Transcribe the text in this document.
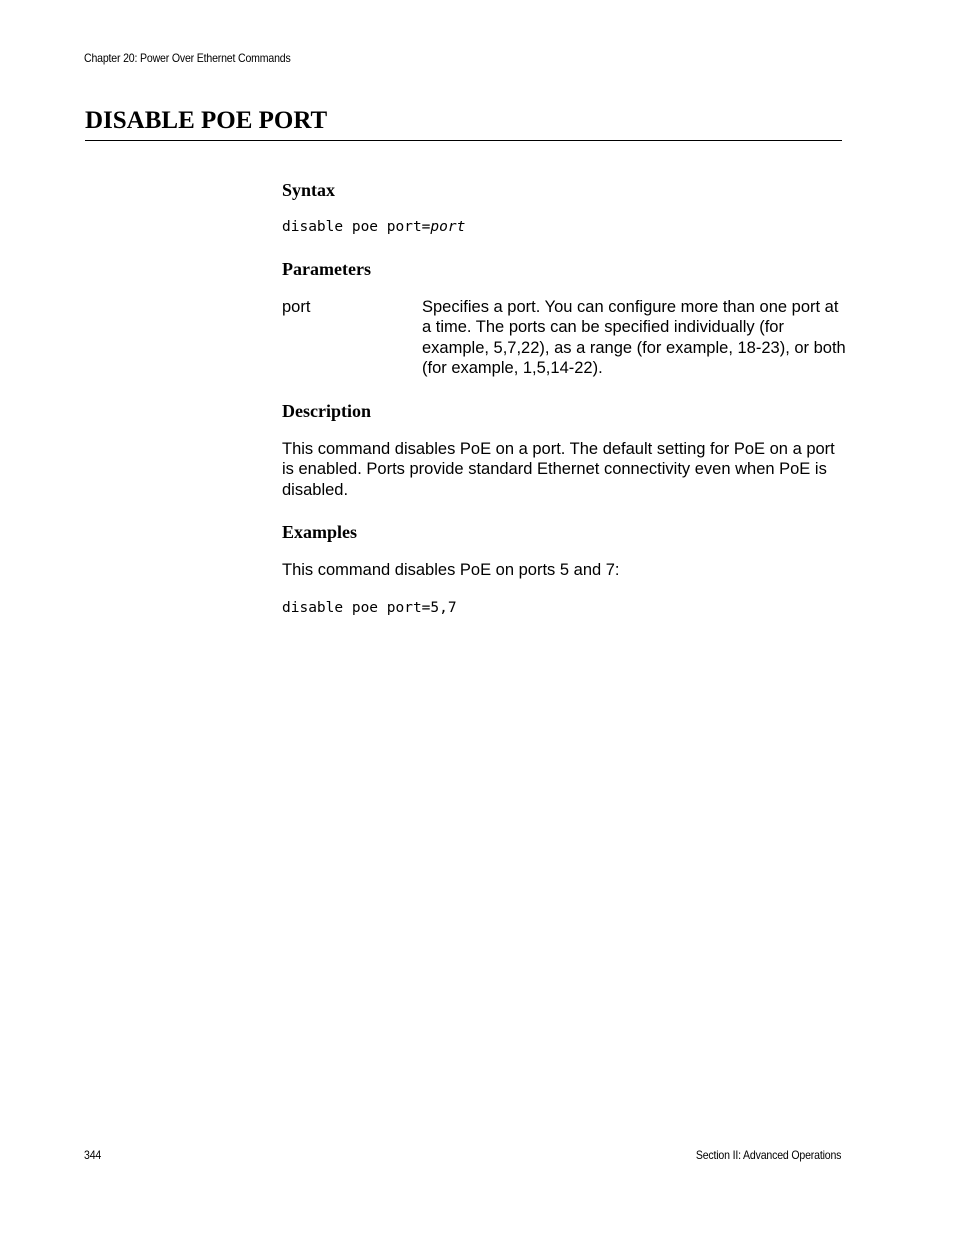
Chapter 20: Power Over Ethernet Commands
DISABLE POE PORT
Syntax
disable poe port=port
Parameters
port	Specifies a port. You can configure more than one port at a time. The ports can be specified individually (for example, 5,7,22), as a range (for example, 18-23), or both (for example, 1,5,14-22).
Description
This command disables PoE on a port. The default setting for PoE on a port is enabled. Ports provide standard Ethernet connectivity even when PoE is disabled.
Examples
This command disables PoE on ports 5 and 7:
disable poe port=5,7
344	Section II: Advanced Operations
